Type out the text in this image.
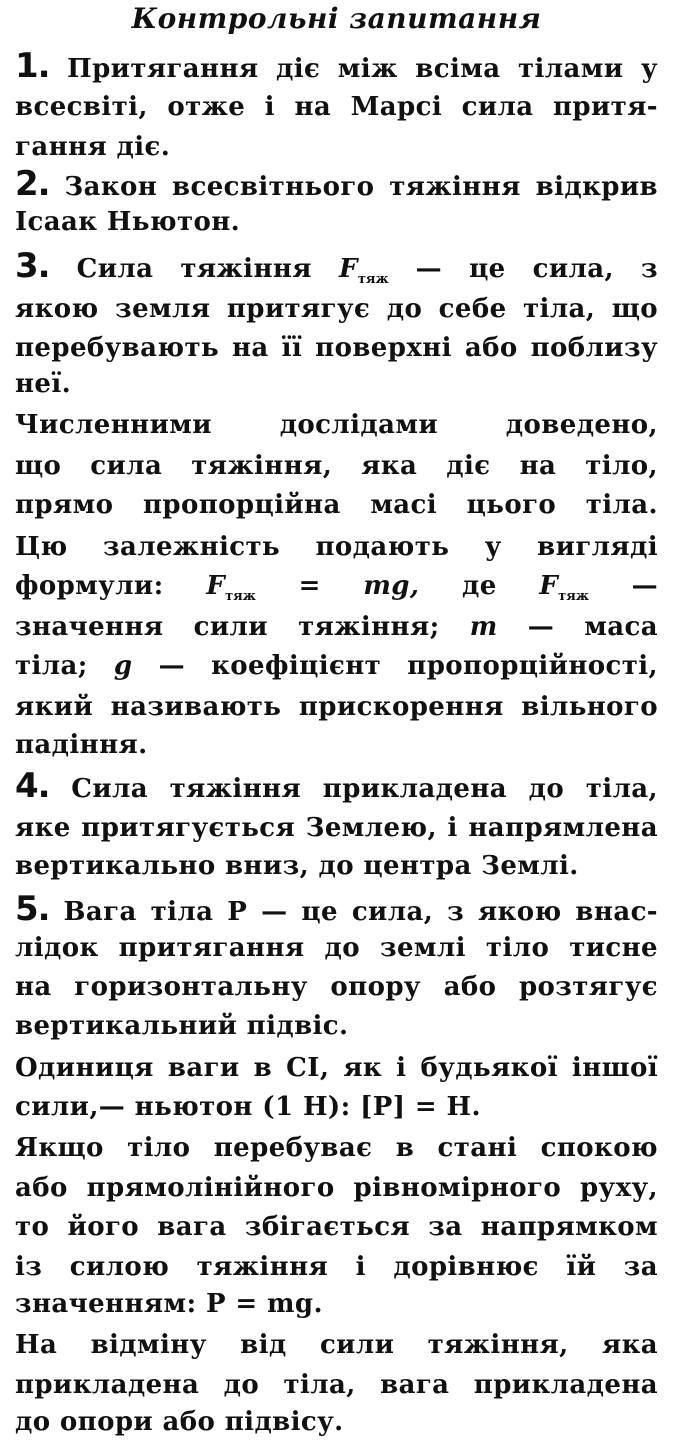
Контрольні запитання
1. Притягання діє між всіма тілами у
всесвіті, отже і на Марсі сила притя-
гання діє.
2. Закон всесвітнього тяжіння відкрив
Ісаак Ньютон.
3. Сила тяжіння $F_{тяж}$ — це сила, з
якою земля притягує до себе тіла, що
перебувають на її поверхні або поблизу
неї.
Численними дослідами доведено,
що сила тяжіння, яка діє на тіло,
прямо пропорційна масі цього тіла.
Цю залежність подають у вигляді
формули: $F_{тяж}$ = mg, де $F_{тяж}$ —
значення сили тяжіння; m — маса
тіла; g — коефіцієнт пропорційності,
який називають прискорення вільного
падіння.
4. Сила тяжіння прикладена до тіла,
яке притягується Землею, і напрямлена
вертикально вниз, до центра Землі.
5. Вага тіла Р — це сила, з якою внас-
лідок притягання до землі тіло тисне
на горизонтальну опору або розтягує
вертикальний підвіс.
Одиниця ваги в СІ, як і будьякої іншої
сили,— ньютон (1 Н): [P] = Н.
Якщо тіло перебуває в стані спокою
або прямолінійного рівномірного руху,
то його вага збігається за напрямком
із силою тяжіння і дорівнює їй за
значенням: P = mg.
На відміну від сили тяжіння, яка
прикладена до тіла, вага прикладена
до опори або підвісу.
